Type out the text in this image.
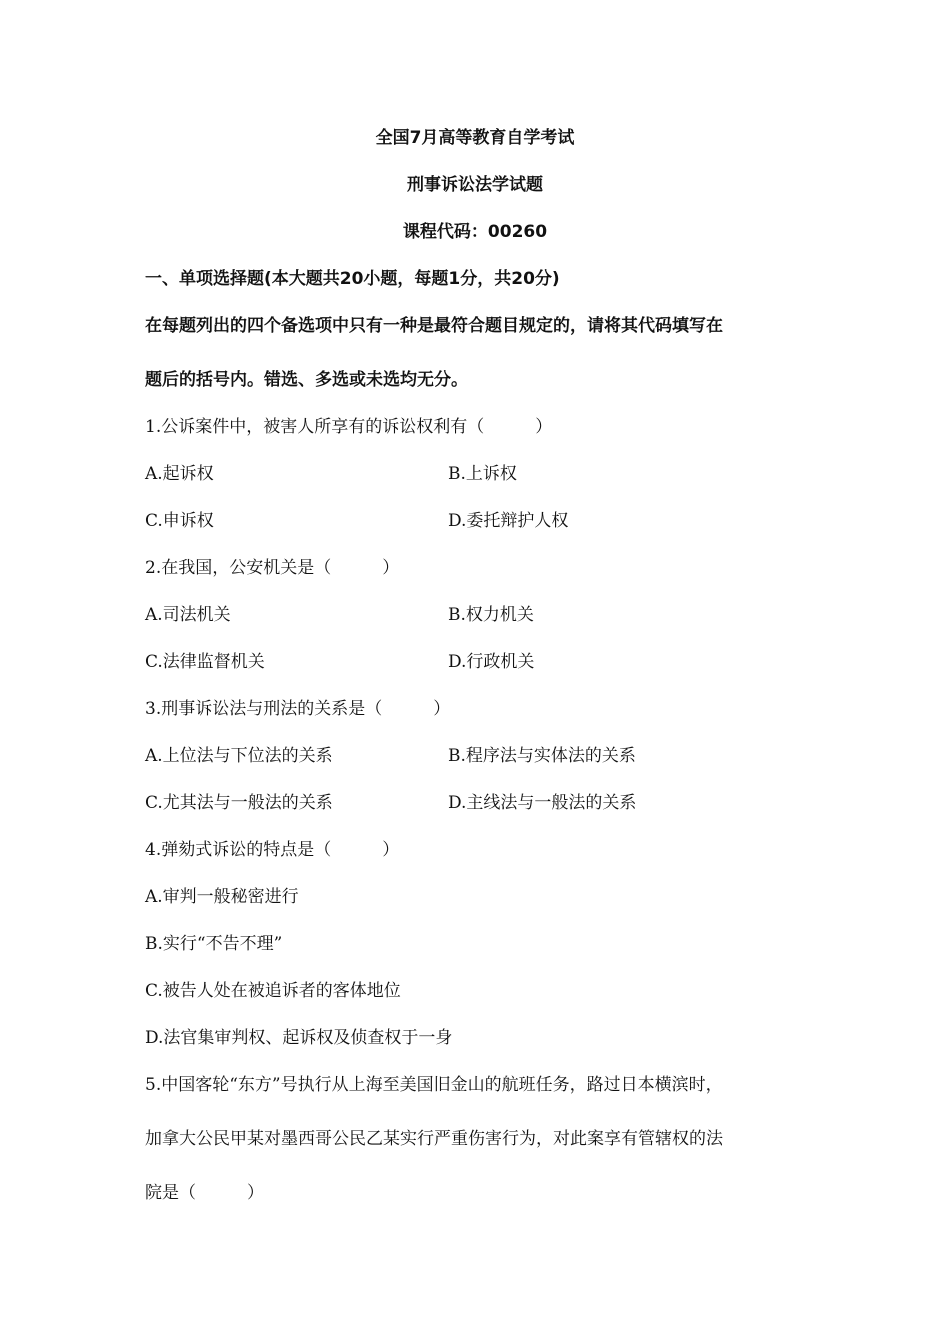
全国7月高等教育自学考试
刑事诉讼法学试题
课程代码：00260
一、单项选择题(本大题共20小题，每题1分，共20分)
在每题列出的四个备选项中只有一种是最符合题目规定的，请将其代码填写在
题后的括号内。错选、多选或未选均无分。
1.公诉案件中，被害人所享有的诉讼权利有（　　　）
A.起诉权	B.上诉权
C.申诉权	D.委托辩护人权
2.在我国，公安机关是（　　　）
A.司法机关	B.权力机关
C.法律监督机关	D.行政机关
3.刑事诉讼法与刑法的关系是（　　　）
A.上位法与下位法的关系	B.程序法与实体法的关系
C.尤其法与一般法的关系	D.主线法与一般法的关系
4.弹劾式诉讼的特点是（　　　）
A.审判一般秘密进行
B.实行“不告不理”
C.被告人处在被追诉者的客体地位
D.法官集审判权、起诉权及侦查权于一身
5.中国客轮“东方”号执行从上海至美国旧金山的航班任务，路过日本横滨时，
加拿大公民甲某对墨西哥公民乙某实行严重伤害行为，对此案享有管辖权的法
院是（　　　）
